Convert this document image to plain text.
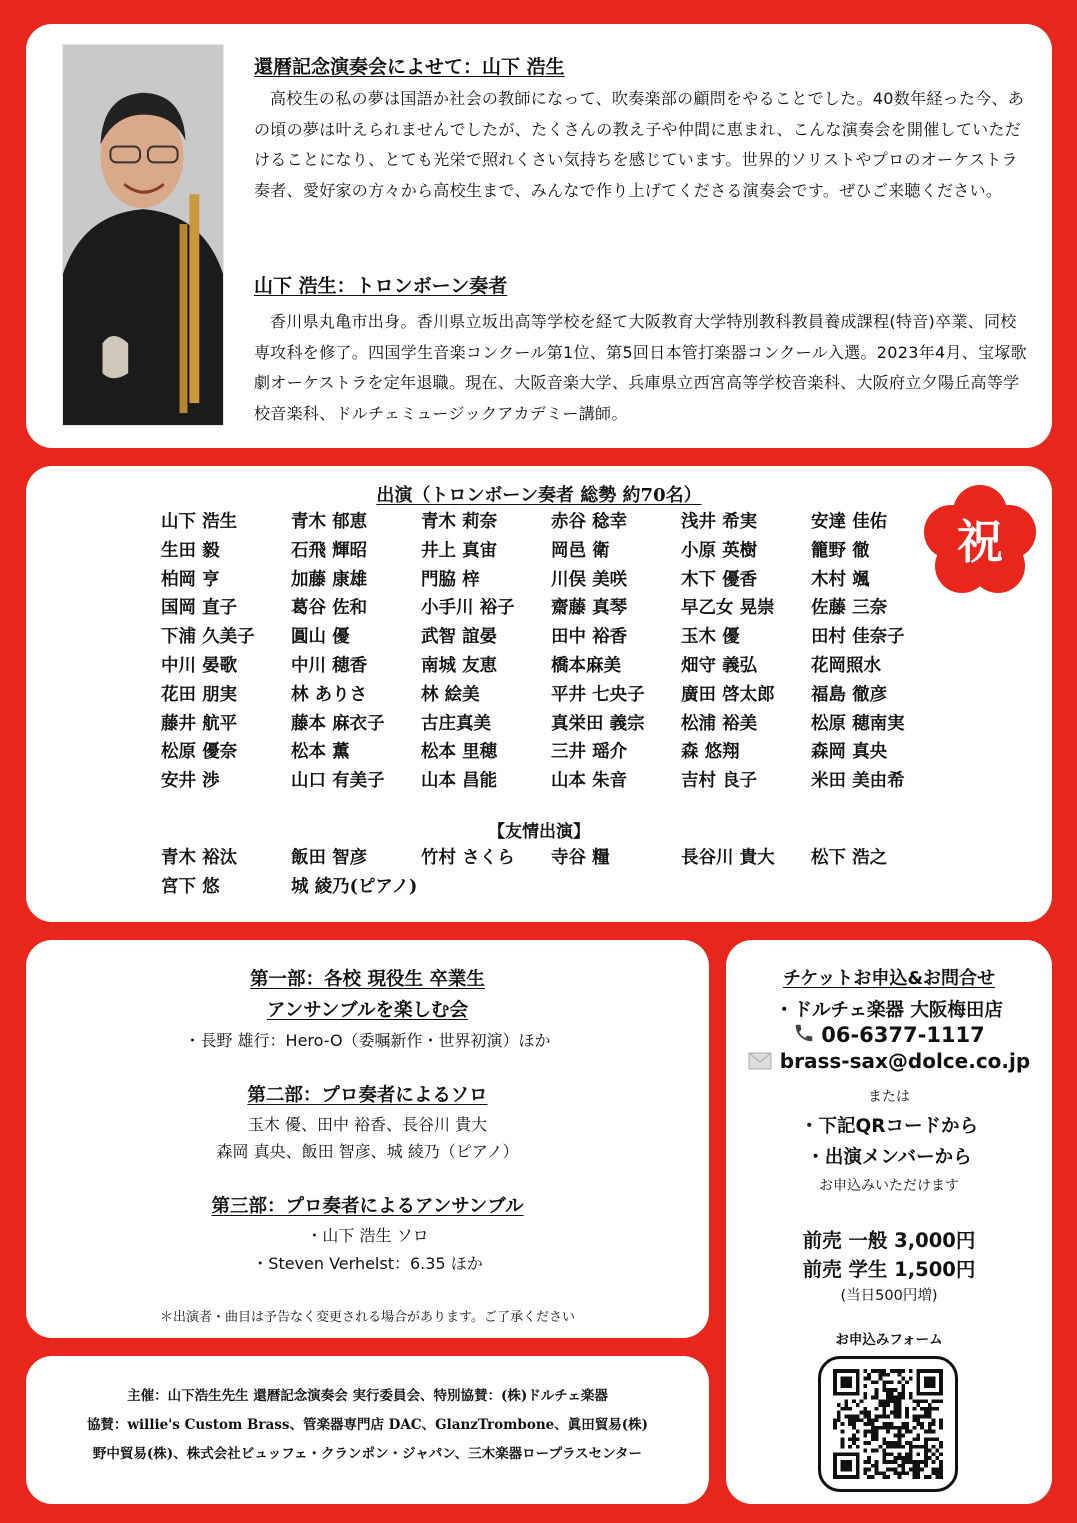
還暦記念演奏会によせて：山下 浩生
高校生の私の夢は国語か社会の教師になって、吹奏楽部の顧問をやることでした。40数年経った今、あの頃の夢は叶えられませんでしたが、たくさんの教え子や仲間に恵まれ、こんな演奏会を開催していただけることになり、とても光栄で照れくさい気持ちを感じています。世界的ソリストやプロのオーケストラ奏者、愛好家の方々から高校生まで、みんなで作り上げてくださる演奏会です。ぜひご来聴ください。
山下 浩生：トロンボーン奏者
香川県丸亀市出身。香川県立坂出高等学校を経て大阪教育大学特別教科教員養成課程(特音)卒業、同校専攻科を修了。四国学生音楽コンクール第1位、第5回日本管打楽器コンクール入選。2023年4月、宝塚歌劇オーケストラを定年退職。現在、大阪音楽大学、兵庫県立西宮高等学校音楽科、大阪府立夕陽丘高等学校音楽科、ドルチェミュージックアカデミー講師。
出演（トロンボーン奏者 総勢 約70名）
山下 浩生	青木 郁恵	青木 莉奈	赤谷 稔幸	浅井 希実	安達 佳佑
生田 毅	石飛 輝昭	井上 真宙	岡邑 衛	小原 英樹	籠野 徹
柏岡 亨	加藤 康雄	門脇 梓	川俣 美咲	木下 優香	木村 颯
国岡 直子	葛谷 佐和	小手川 裕子	齋藤 真琴	早乙女 晃崇	佐藤 三奈
下浦 久美子	圓山 優	武智 誼晏	田中 裕香	玉木 優	田村 佳奈子
中川 晏歌	中川 穂香	南城 友恵	橋本麻美	畑守 義弘	花岡照水
花田 朋実	林 ありさ	林 絵美	平井 七央子	廣田 啓太郎	福島 徹彦
藤井 航平	藤本 麻衣子	古庄真美	真栄田 義宗	松浦 裕美	松原 穂南実
松原 優奈	松本 薫	松本 里穂	三井 瑶介	森 悠翔	森岡 真央
安井 渉	山口 有美子	山本 昌能	山本 朱音	吉村 良子	米田 美由希
【友情出演】
青木 裕汰	飯田 智彦	竹村 さくら	寺谷 糧	長谷川 貴大	松下 浩之
宮下 悠	城 綾乃(ピアノ)
祝
第一部：各校 現役生 卒業生
アンサンブルを楽しむ会
・長野 雄行：Hero-O（委嘱新作・世界初演）ほか
第二部：プロ奏者によるソロ
玉木 優、田中 裕香、長谷川 貴大
森岡 真央、飯田 智彦、城 綾乃（ピアノ）
第三部：プロ奏者によるアンサンブル
・山下 浩生 ソロ
・Steven Verhelst：6.35 ほか
＊出演者・曲目は予告なく変更される場合があります。ご了承ください
主催：山下浩生先生 還暦記念演奏会 実行委員会、特別協賛：(株)ドルチェ楽器
協賛：willie's Custom Brass、管楽器専門店 DAC、GlanzTrombone、眞田貿易(株)
野中貿易(株)、株式会社ビュッフェ・クランポン・ジャパン、三木楽器ロープラスセンター
チケットお申込&お問合せ
・ドルチェ楽器 大阪梅田店
06-6377-1117
brass-sax@dolce.co.jp
または
・下記QRコードから
・出演メンバーから
お申込みいただけます
前売 一般 3,000円
前売 学生 1,500円
(当日500円増)
お申込みフォーム
